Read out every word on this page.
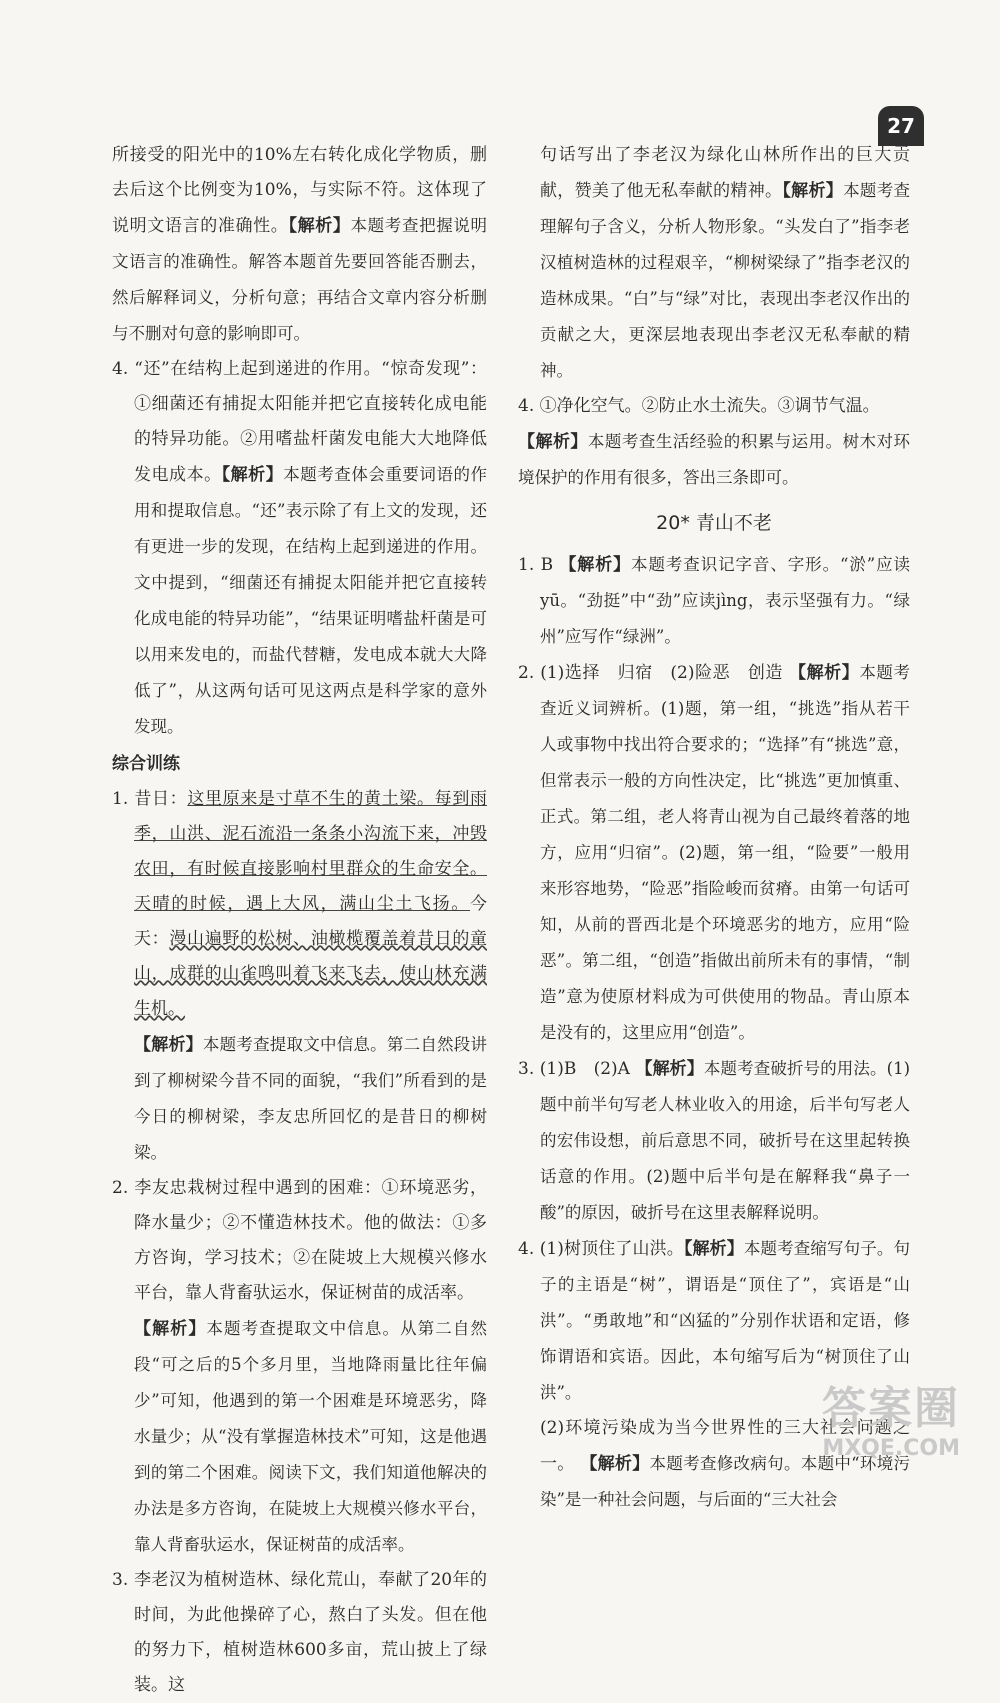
27

所接受的阳光中的10%左右转化成化学物质，删去后这个比例变为10%，与实际不符。这体现了说明文语言的准确性。【解析】本题考查把握说明文语言的准确性。解答本题首先要回答能否删去，然后解释词义，分析句意；再结合文章内容分析删与不删对句意的影响即可。

4. “还”在结构上起到递进的作用。“惊奇发现”：①细菌还有捕捉太阳能并把它直接转化成电能的特异功能。②用嗜盐杆菌发电能大大地降低发电成本。【解析】本题考查体会重要词语的作用和提取信息。“还”表示除了有上文的发现，还有更进一步的发现，在结构上起到递进的作用。文中提到，“细菌还有捕捉太阳能并把它直接转化成电能的特异功能”，“结果证明嗜盐杆菌是可以用来发电的，而盐代替糖，发电成本就大大降低了”，从这两句话可见这两点是科学家的意外发现。

综合训练

1. 昔日：这里原来是寸草不生的黄土梁。每到雨季，山洪、泥石流沿一条条小沟流下来，冲毁农田，有时候直接影响村里群众的生命安全。天晴的时候，遇上大风，满山尘土飞扬。今天：漫山遍野的松树、油橄榄覆盖着昔日的童山，成群的山雀鸣叫着飞来飞去，使山林充满生机。

【解析】本题考查提取文中信息。第二自然段讲到了柳树梁今昔不同的面貌，“我们”所看到的是今日的柳树梁，李友忠所回忆的是昔日的柳树梁。

2. 李友忠栽树过程中遇到的困难：①环境恶劣，降水量少；②不懂造林技术。他的做法：①多方咨询，学习技术；②在陡坡上大规模兴修水平台，靠人背畜驮运水，保证树苗的成活率。

【解析】本题考查提取文中信息。从第二自然段“可之后的5个多月里，当地降雨量比往年偏少”可知，他遇到的第一个困难是环境恶劣，降水量少；从“没有掌握造林技术”可知，这是他遇到的第二个困难。阅读下文，我们知道他解决的办法是多方咨询，在陡坡上大规模兴修水平台，靠人背畜驮运水，保证树苗的成活率。

3. 李老汉为植树造林、绿化荒山，奉献了20年的时间，为此他操碎了心，熬白了头发。但在他的努力下，植树造林600多亩，荒山披上了绿装。这

句话写出了李老汉为绿化山林所作出的巨大贡献，赞美了他无私奉献的精神。【解析】本题考查理解句子含义，分析人物形象。“头发白了”指李老汉植树造林的过程艰辛，“柳树梁绿了”指李老汉的造林成果。“白”与“绿”对比，表现出李老汉作出的贡献之大，更深层地表现出李老汉无私奉献的精神。

4. ①净化空气。②防止水土流失。③调节气温。

【解析】本题考查生活经验的积累与运用。树木对环境保护的作用有很多，答出三条即可。

20* 青山不老

1. B 【解析】本题考查识记字音、字形。“淤”应读yū。“劲挺”中“劲”应读jìng，表示坚强有力。“绿州”应写作“绿洲”。

2. (1)选择　归宿　(2)险恶　创造 【解析】本题考查近义词辨析。(1)题，第一组，“挑选”指从若干人或事物中找出符合要求的；“选择”有“挑选”意，但常表示一般的方向性决定，比“挑选”更加慎重、正式。第二组，老人将青山视为自己最终着落的地方，应用“归宿”。(2)题，第一组，“险要”一般用来形容地势，“险恶”指险峻而贫瘠。由第一句话可知，从前的晋西北是个环境恶劣的地方，应用“险恶”。第二组，“创造”指做出前所未有的事情，“制造”意为使原材料成为可供使用的物品。青山原本是没有的，这里应用“创造”。

3. (1)B　(2)A 【解析】本题考查破折号的用法。(1)题中前半句写老人林业收入的用途，后半句写老人的宏伟设想，前后意思不同，破折号在这里起转换话意的作用。(2)题中后半句是在解释我“鼻子一酸”的原因，破折号在这里表解释说明。

4. (1)树顶住了山洪。【解析】本题考查缩写句子。句子的主语是“树”，谓语是“顶住了”，宾语是“山洪”。“勇敢地”和“凶猛的”分别作状语和定语，修饰谓语和宾语。因此，本句缩写后为“树顶住了山洪”。

(2)环境污染成为当今世界性的三大社会问题之一。 【解析】本题考查修改病句。本题中“环境污染”是一种社会问题，与后面的“三大社会

答案圈
MXQE.COM
